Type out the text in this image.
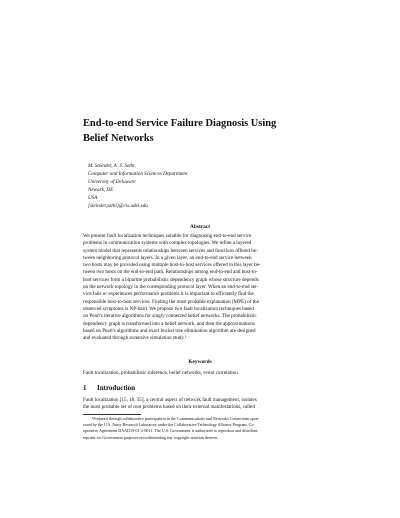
End-to-end Service Failure Diagnosis Using
Belief Networks
M. Steinder, A. S. Sethi
Computer and Information Sciences Department
University of Delaware
Newark, DE
USA
{steinder,sethi}@cis.udel.edu
Abstract
We present fault localization techniques suitable for diagnosing end-to-end service
problems in communication systems with complex topologies. We refine a layered
system model that represents relationships between services and functions offered be-
tween neighboring protocol layers. In a given layer, an end-to-end service between
two hosts may be provided using multiple host-to-host services offered in this layer be-
tween two hosts on the end-to-end path. Relationships among end-to-end and host-to-
host services form a bipartite probabilistic dependency graph whose structure depends
on the network topology in the corresponding protocol layer. When an end-to-end ser-
vice fails or experiences performance problems it is important to efficiently find the
responsible host-to-host services. Finding the most probable explanation (MPE) of the
observed symptoms is NP-hard. We propose two fault localization techniques based
on Pearl's iterative algorithms for singly connected belief networks. The probabilistic
dependency graph is transformed into a belief network, and then the approximations
based on Pearl's algorithms and exact bucket tree elimination algorithm are designed
and evaluated through extensive simulation study.¹
Keywords
Fault localization, probabilistic inference, belief networks, event correlation
1 Introduction
Fault localization [15, 18, 35], a central aspect of network fault management, isolates
the most probable set of root problems based on their external manifestations, called
¹Prepared through collaborative participation in the Communications and Networks Consortium spon-
sored by the U.S. Army Research Laboratory under the Collaborative Technology Alliance Program, Co-
operative Agreement DAAD19-01-2-0011. The U.S. Government is authorized to reproduce and distribute
reprints for Government purposes notwithstanding any copyright notation thereon.
